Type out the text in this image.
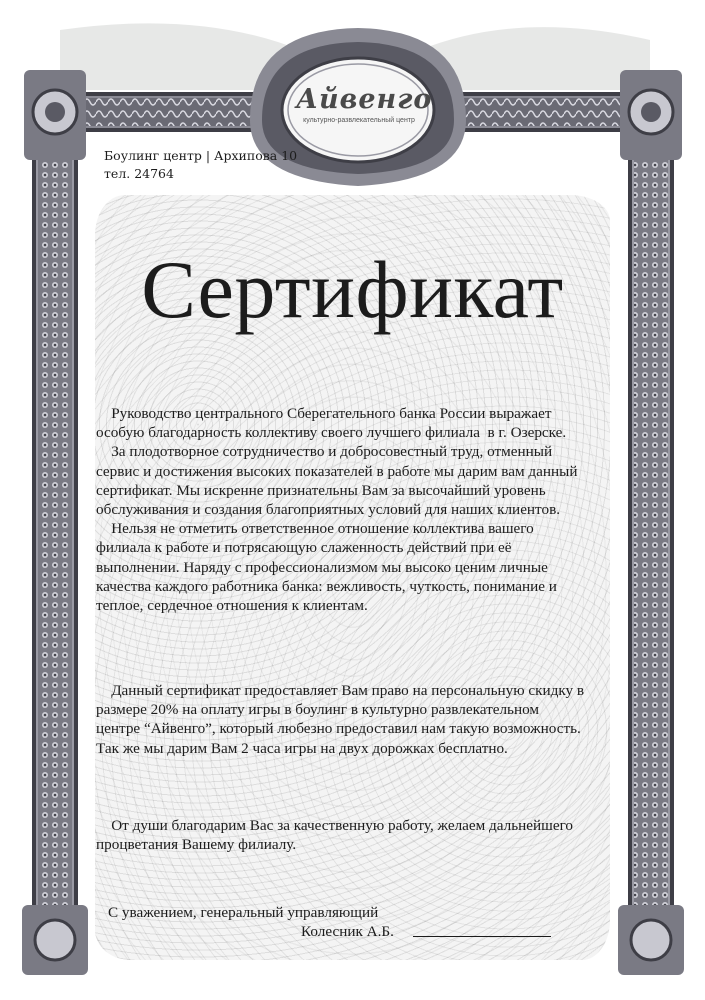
Айвенго
культурно-развлекательный центр
Боулинг центр | Архипова 10
тел. 24764
Сертификат
Руководство центрального Сберегательного банка России выражает
особую благодарность коллективу своего лучшего филиала  в г. Озерске.
За плодотворное сотрудничество и добросовестный труд, отменный
сервис и достижения высоких показателей в работе мы дарим вам данный
сертификат. Мы искренне признательны Вам за высочайший уровень
обслуживания и создания благоприятных условий для наших клиентов.
Нельзя не отметить ответственное отношение коллектива вашего
филиала к работе и потрясающую слаженность действий при её
выполнении. Наряду с профессионализмом мы высоко ценим личные
качества каждого работника банка: вежливость, чуткость, понимание и
теплое, сердечное отношения к клиентам.
Данный сертификат предоставляет Вам право на персональную скидку в
размере 20% на оплату игры в боулинг в культурно развлекательном
центре “Айвенго”, который любезно предоставил нам такую возможность.
Так же мы дарим Вам 2 часа игры на двух дорожках бесплатно.
От души благодарим Вас за качественную работу, желаем дальнейшего
процветания Вашему филиалу.
С уважением, генеральный управляющий
Колесник А.Б.
